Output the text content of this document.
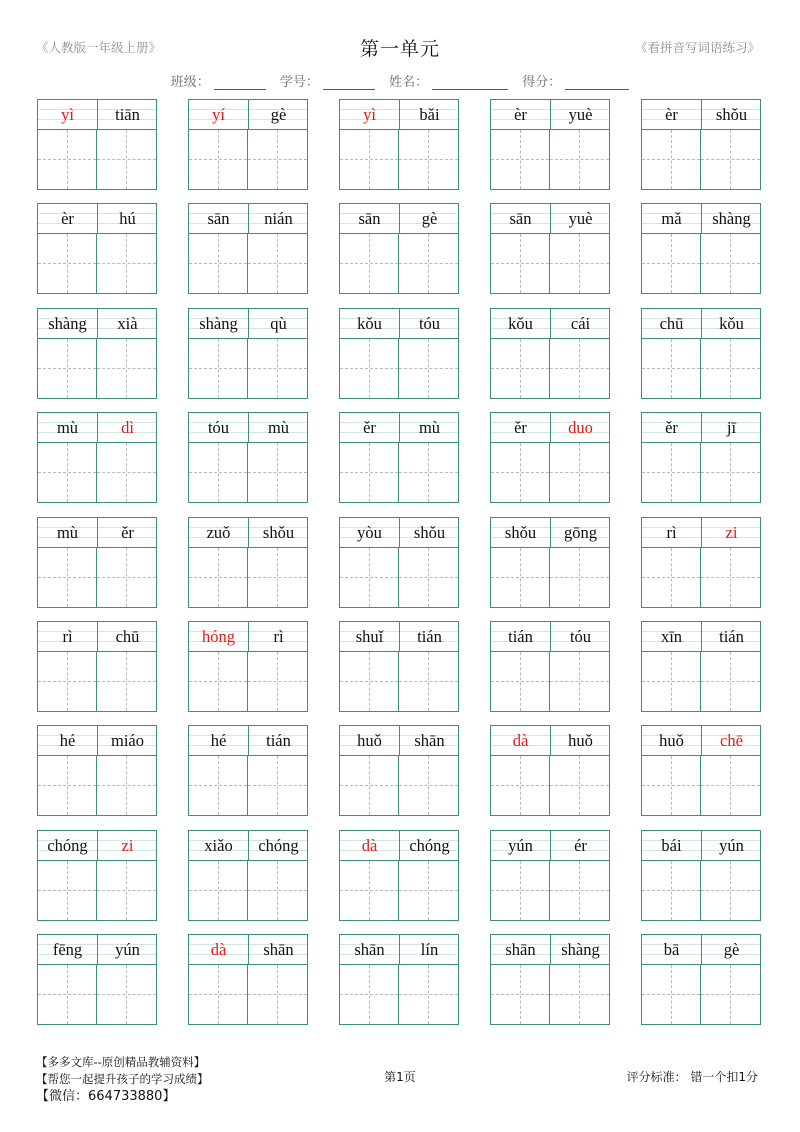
《人教版一年级上册》	第一单元	《看拼音写词语练习》
班级：	学号：	姓名：	得分：
yì	tiān	yí	gè	yì	bǎi	èr	yuè	èr	shǒu
èr	hú	sān	nián	sān	gè	sān	yuè	mǎ	shàng
shàng	xià	shàng	qù	kǒu	tóu	kǒu	cái	chū	kǒu
mù	dì	tóu	mù	ěr	mù	ěr	duo	ěr	jī
mù	ěr	zuǒ	shǒu	yòu	shǒu	shǒu	gōng	rì	zi
rì	chū	hóng	rì	shuǐ	tián	tián	tóu	xīn	tián
hé	miáo	hé	tián	huǒ	shān	dà	huǒ	huǒ	chē
chóng	zi	xiǎo	chóng	dà	chóng	yún	ér	bái	yún
fēng	yún	dà	shān	shān	lín	shān	shàng	bā	gè
【多多文库--原创精品教辅资料】
【帮您一起提升孩子的学习成绩】
【微信：664733880】
第1页	评分标准： 错一个扣1分
